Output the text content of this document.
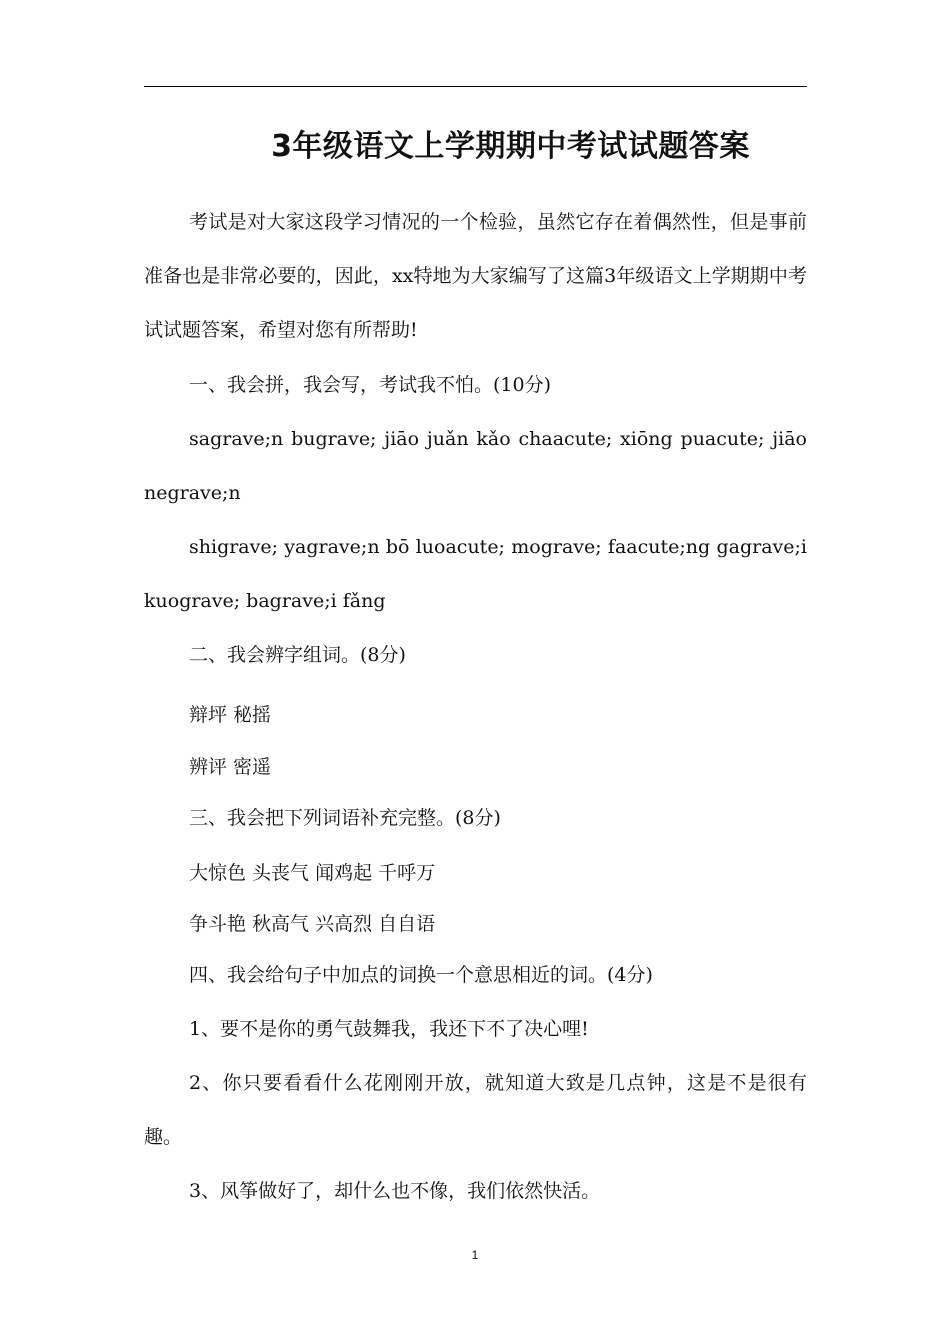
3年级语文上学期期中考试试题答案

考试是对大家这段学习情况的一个检验，虽然它存在着偶然性，但是事前准备也是非常必要的，因此，xx特地为大家编写了这篇3年级语文上学期期中考试试题答案，希望对您有所帮助!

一、我会拼，我会写，考试我不怕。(10分)

sagrave;n bugrave; jiāo juǎn kǎo chaacute; xiōng puacute; jiāo negrave;n

shigrave; yagrave;n bō luoacute; mograve; faacute;ng gagrave;i kuograve; bagrave;i fǎng

二、我会辨字组词。(8分)

辩坪 秘摇

辨评 密遥

三、我会把下列词语补充完整。(8分)

大惊色 头丧气 闻鸡起 千呼万

争斗艳 秋高气 兴高烈 自自语

四、我会给句子中加点的词换一个意思相近的词。(4分)

1、要不是你的勇气鼓舞我，我还下不了决心哩!

2、你只要看看什么花刚刚开放，就知道大致是几点钟，这是不是很有趣。

3、风筝做好了，却什么也不像，我们依然快活。

1
